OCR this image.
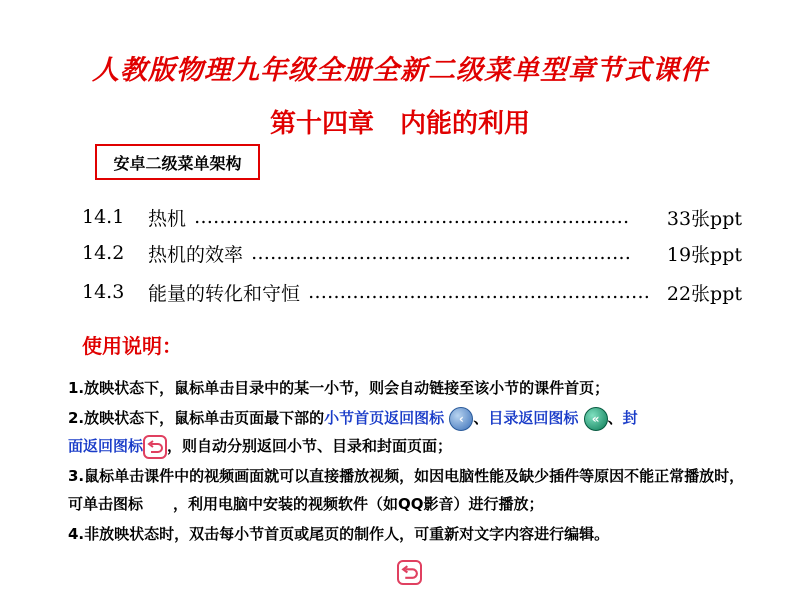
人教版物理九年级全册全新二级菜单型章节式课件
第十四章　内能的利用
安卓二级菜单架构
14.1	热机 ……………………………………………………......…	33张ppt
14.2	热机的效率 ……………………………………………………	19张ppt
14.3	能量的转化和守恒 ……………………………………………… 22张ppt
使用说明：
1.放映状态下，鼠标单击目录中的某一小节，则会自动链接至该小节的课件首页；
2.放映状态下，鼠标单击页面最下部的小节首页返回图标	‹ 、目录返回图标	« 、封
面返回图标 ，则自动分别返回小节、目录和封面页面；
3.鼠标单击课件中的视频画面就可以直接播放视频，如因电脑性能及缺少插件等原因不能正常播放时，可单击图标　　，利用电脑中安装的视频软件（如QQ影音）进行播放；
4.非放映状态时，双击每小节首页或尾页的制作人，可重新对文字内容进行编辑。
